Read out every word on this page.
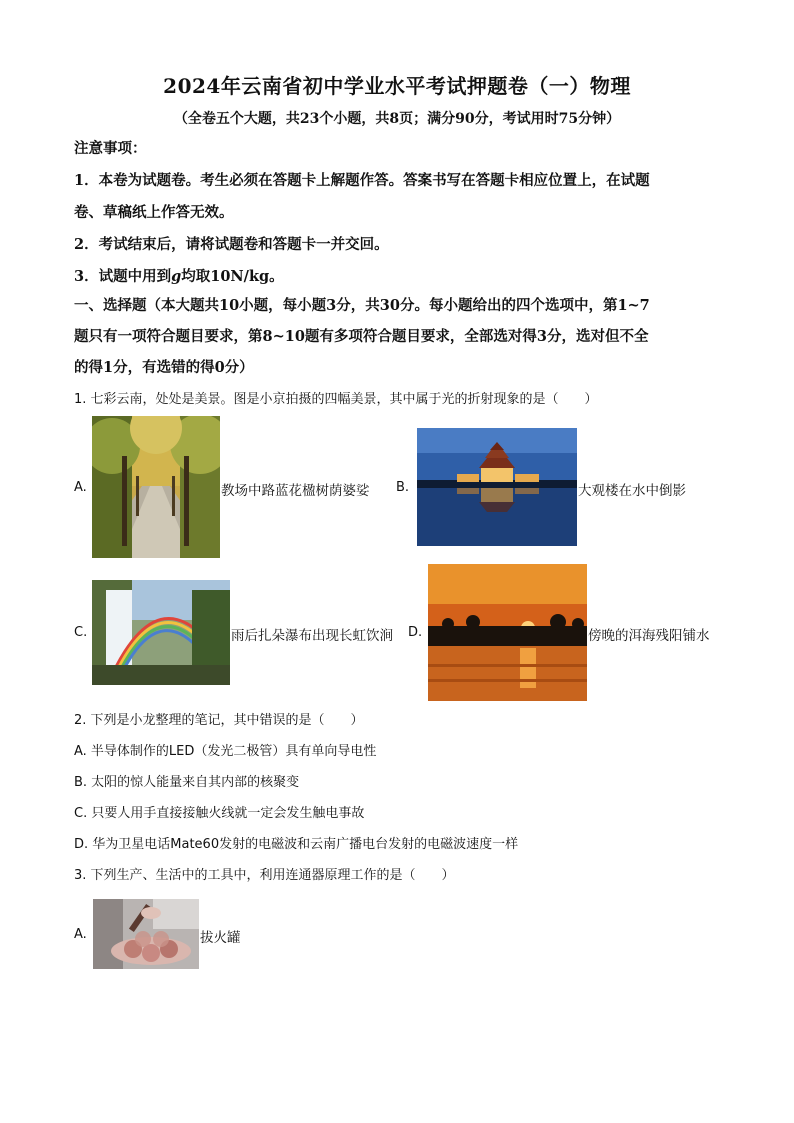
2024年云南省初中学业水平考试押题卷（一）物理
（全卷五个大题，共23个小题，共8页；满分90分，考试用时75分钟）
注意事项：
1．本卷为试题卷。考生必须在答题卡上解题作答。答案书写在答题卡相应位置上，在试题
卷、草稿纸上作答无效。
2．考试结束后，请将试题卷和答题卡一并交回。
3．试题中用到g均取10N/kg。
一、选择题（本大题共10小题，每小题3分，共30分。每小题给出的四个选项中，第1~7
题只有一项符合题目要求，第8~10题有多项符合题目要求，全部选对得3分，选对但不全
的得1分，有选错的得0分）
1. 七彩云南，处处是美景。图是小京拍摄的四幅美景，其中属于光的折射现象的是（　　）
A.	教场中路蓝花楹树荫婆娑 B.	大观楼在水中倒影
C.	雨后扎朵瀑布出现长虹饮涧 D.	傍晚的洱海残阳铺水
2. 下列是小龙整理的笔记，其中错误的是（　　）
A. 半导体制作的LED（发光二极管）具有单向导电性
B. 太阳的惊人能量来自其内部的核聚变
C. 只要人用手直接接触火线就一定会发生触电事故
D. 华为卫星电话Mate60发射的电磁波和云南广播电台发射的电磁波速度一样
3. 下列生产、生活中的工具中，利用连通器原理工作的是（　　）
A.	拔火罐
